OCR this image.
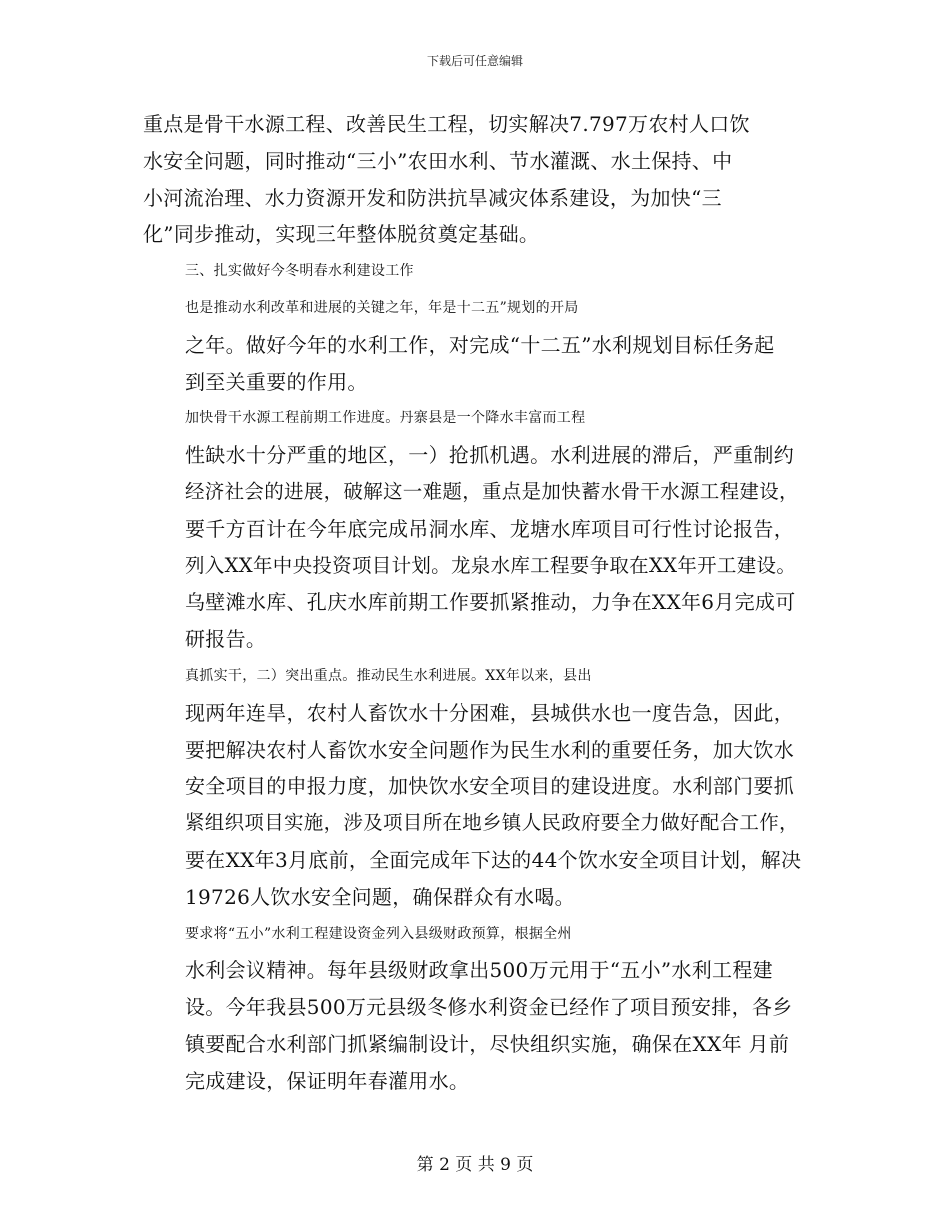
下载后可任意编辑

重点是骨干水源工程、改善民生工程，切实解决7.797万农村人口饮
水安全问题，同时推动“三小”农田水利、节水灌溉、水土保持、中
小河流治理、水力资源开发和防洪抗旱减灾体系建设，为加快“三
化”同步推动，实现三年整体脱贫奠定基础。

三、扎实做好今冬明春水利建设工作

也是推动水利改革和进展的关键之年，年是十二五”规划的开局
之年。做好今年的水利工作，对完成“十二五”水利规划目标任务起
到至关重要的作用。

加快骨干水源工程前期工作进度。丹寨县是一个降水丰富而工程
性缺水十分严重的地区，一）抢抓机遇。水利进展的滞后，严重制约
经济社会的进展，破解这一难题，重点是加快蓄水骨干水源工程建设，
要千方百计在今年底完成吊洞水库、龙塘水库项目可行性讨论报告，
列入XX年中央投资项目计划。龙泉水库工程要争取在XX年开工建设。
乌壁滩水库、孔庆水库前期工作要抓紧推动，力争在XX年6月完成可
研报告。

真抓实干，二）突出重点。推动民生水利进展。XX年以来，县出
现两年连旱，农村人畜饮水十分困难，县城供水也一度告急，因此，
要把解决农村人畜饮水安全问题作为民生水利的重要任务，加大饮水
安全项目的申报力度，加快饮水安全项目的建设进度。水利部门要抓
紧组织项目实施，涉及项目所在地乡镇人民政府要全力做好配合工作，
要在XX年3月底前，全面完成年下达的44个饮水安全项目计划，解决
19726人饮水安全问题，确保群众有水喝。

要求将“五小”水利工程建设资金列入县级财政预算，根据全州
水利会议精神。每年县级财政拿出500万元用于“五小”水利工程建
设。今年我县500万元县级冬修水利资金已经作了项目预安排，各乡
镇要配合水利部门抓紧编制设计，尽快组织实施，确保在XX年 月前
完成建设，保证明年春灌用水。

第 2 页 共 9 页
